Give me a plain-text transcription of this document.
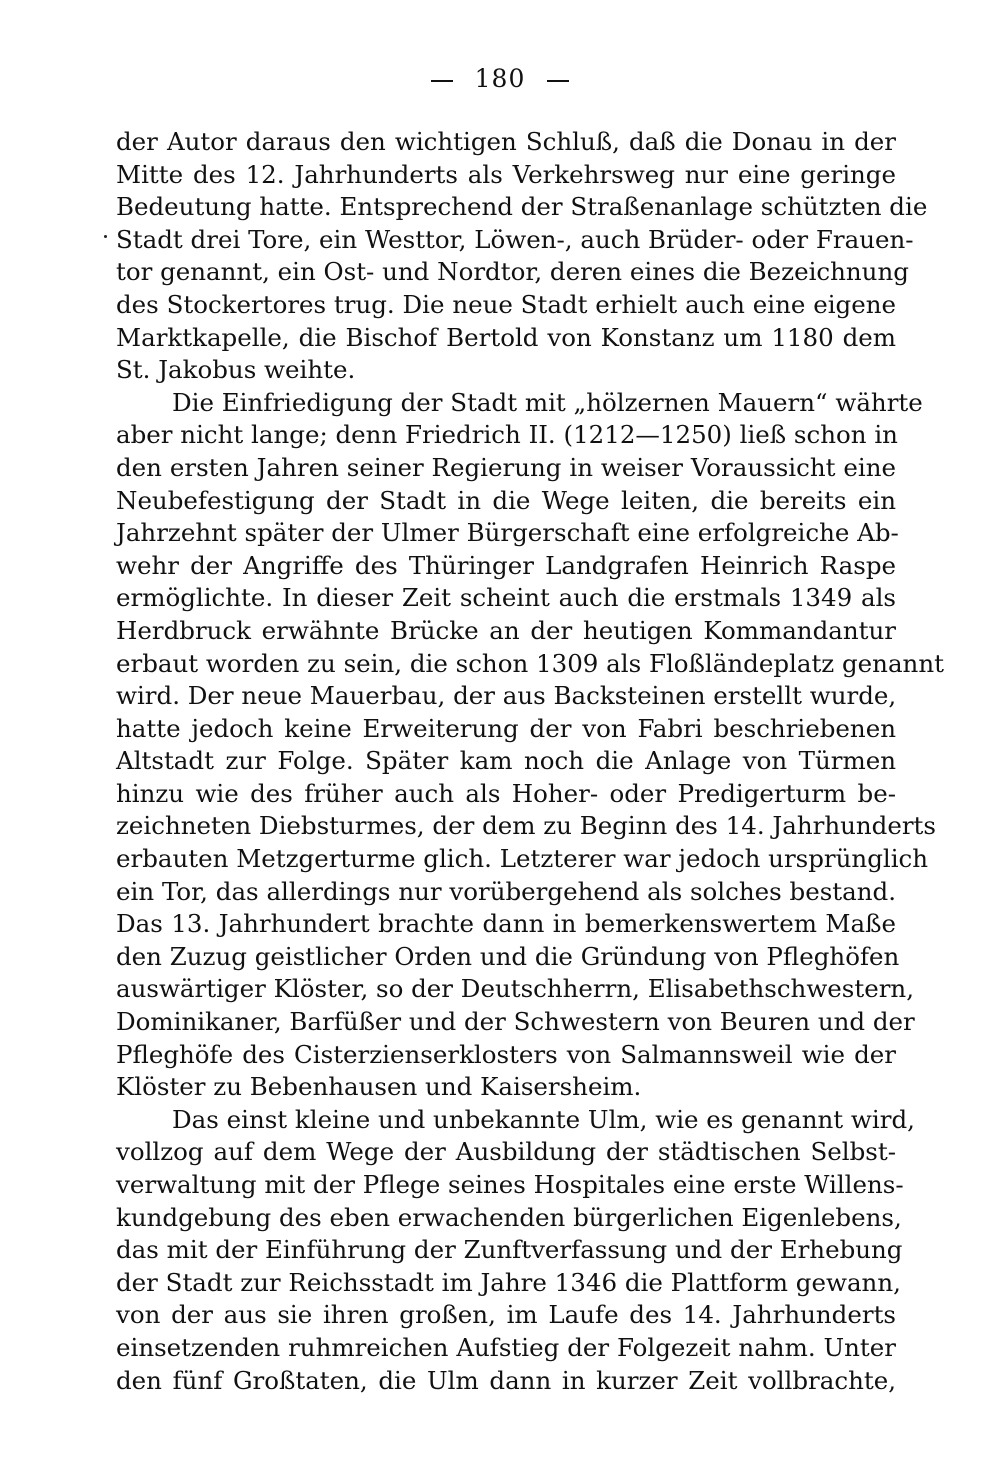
180
der Autor daraus den wichtigen Schluß, daß die Donau in der
Mitte des 12. Jahrhunderts als Verkehrsweg nur eine geringe
Bedeutung hatte. Entsprechend der Straßenanlage schützten die
Stadt drei Tore, ein Westtor, Löwen-, auch Brüder- oder Frauen-
tor genannt, ein Ost- und Nordtor, deren eines die Bezeichnung
des Stockertores trug. Die neue Stadt erhielt auch eine eigene
Marktkapelle, die Bischof Bertold von Konstanz um 1180 dem
St. Jakobus weihte.
Die Einfriedigung der Stadt mit „hölzernen Mauern“ währte
aber nicht lange; denn Friedrich II. (1212—1250) ließ schon in
den ersten Jahren seiner Regierung in weiser Voraussicht eine
Neubefestigung der Stadt in die Wege leiten, die bereits ein
Jahrzehnt später der Ulmer Bürgerschaft eine erfolgreiche Ab-
wehr der Angriffe des Thüringer Landgrafen Heinrich Raspe
ermöglichte. In dieser Zeit scheint auch die erstmals 1349 als
Herdbruck erwähnte Brücke an der heutigen Kommandantur
erbaut worden zu sein, die schon 1309 als Floßländeplatz genannt
wird. Der neue Mauerbau, der aus Backsteinen erstellt wurde,
hatte jedoch keine Erweiterung der von Fabri beschriebenen
Altstadt zur Folge. Später kam noch die Anlage von Türmen
hinzu wie des früher auch als Hoher- oder Predigerturm be-
zeichneten Diebsturmes, der dem zu Beginn des 14. Jahrhunderts
erbauten Metzgerturme glich. Letzterer war jedoch ursprünglich
ein Tor, das allerdings nur vorübergehend als solches bestand.
Das 13. Jahrhundert brachte dann in bemerkenswertem Maße
den Zuzug geistlicher Orden und die Gründung von Pfleghöfen
auswärtiger Klöster, so der Deutschherrn, Elisabethschwestern,
Dominikaner, Barfüßer und der Schwestern von Beuren und der
Pfleghöfe des Cisterzienserklosters von Salmannsweil wie der
Klöster zu Bebenhausen und Kaisersheim.
Das einst kleine und unbekannte Ulm, wie es genannt wird,
vollzog auf dem Wege der Ausbildung der städtischen Selbst-
verwaltung mit der Pflege seines Hospitales eine erste Willens-
kundgebung des eben erwachenden bürgerlichen Eigenlebens,
das mit der Einführung der Zunftverfassung und der Erhebung
der Stadt zur Reichsstadt im Jahre 1346 die Plattform gewann,
von der aus sie ihren großen, im Laufe des 14. Jahrhunderts
einsetzenden ruhmreichen Aufstieg der Folgezeit nahm. Unter
den fünf Großtaten, die Ulm dann in kurzer Zeit vollbrachte,
